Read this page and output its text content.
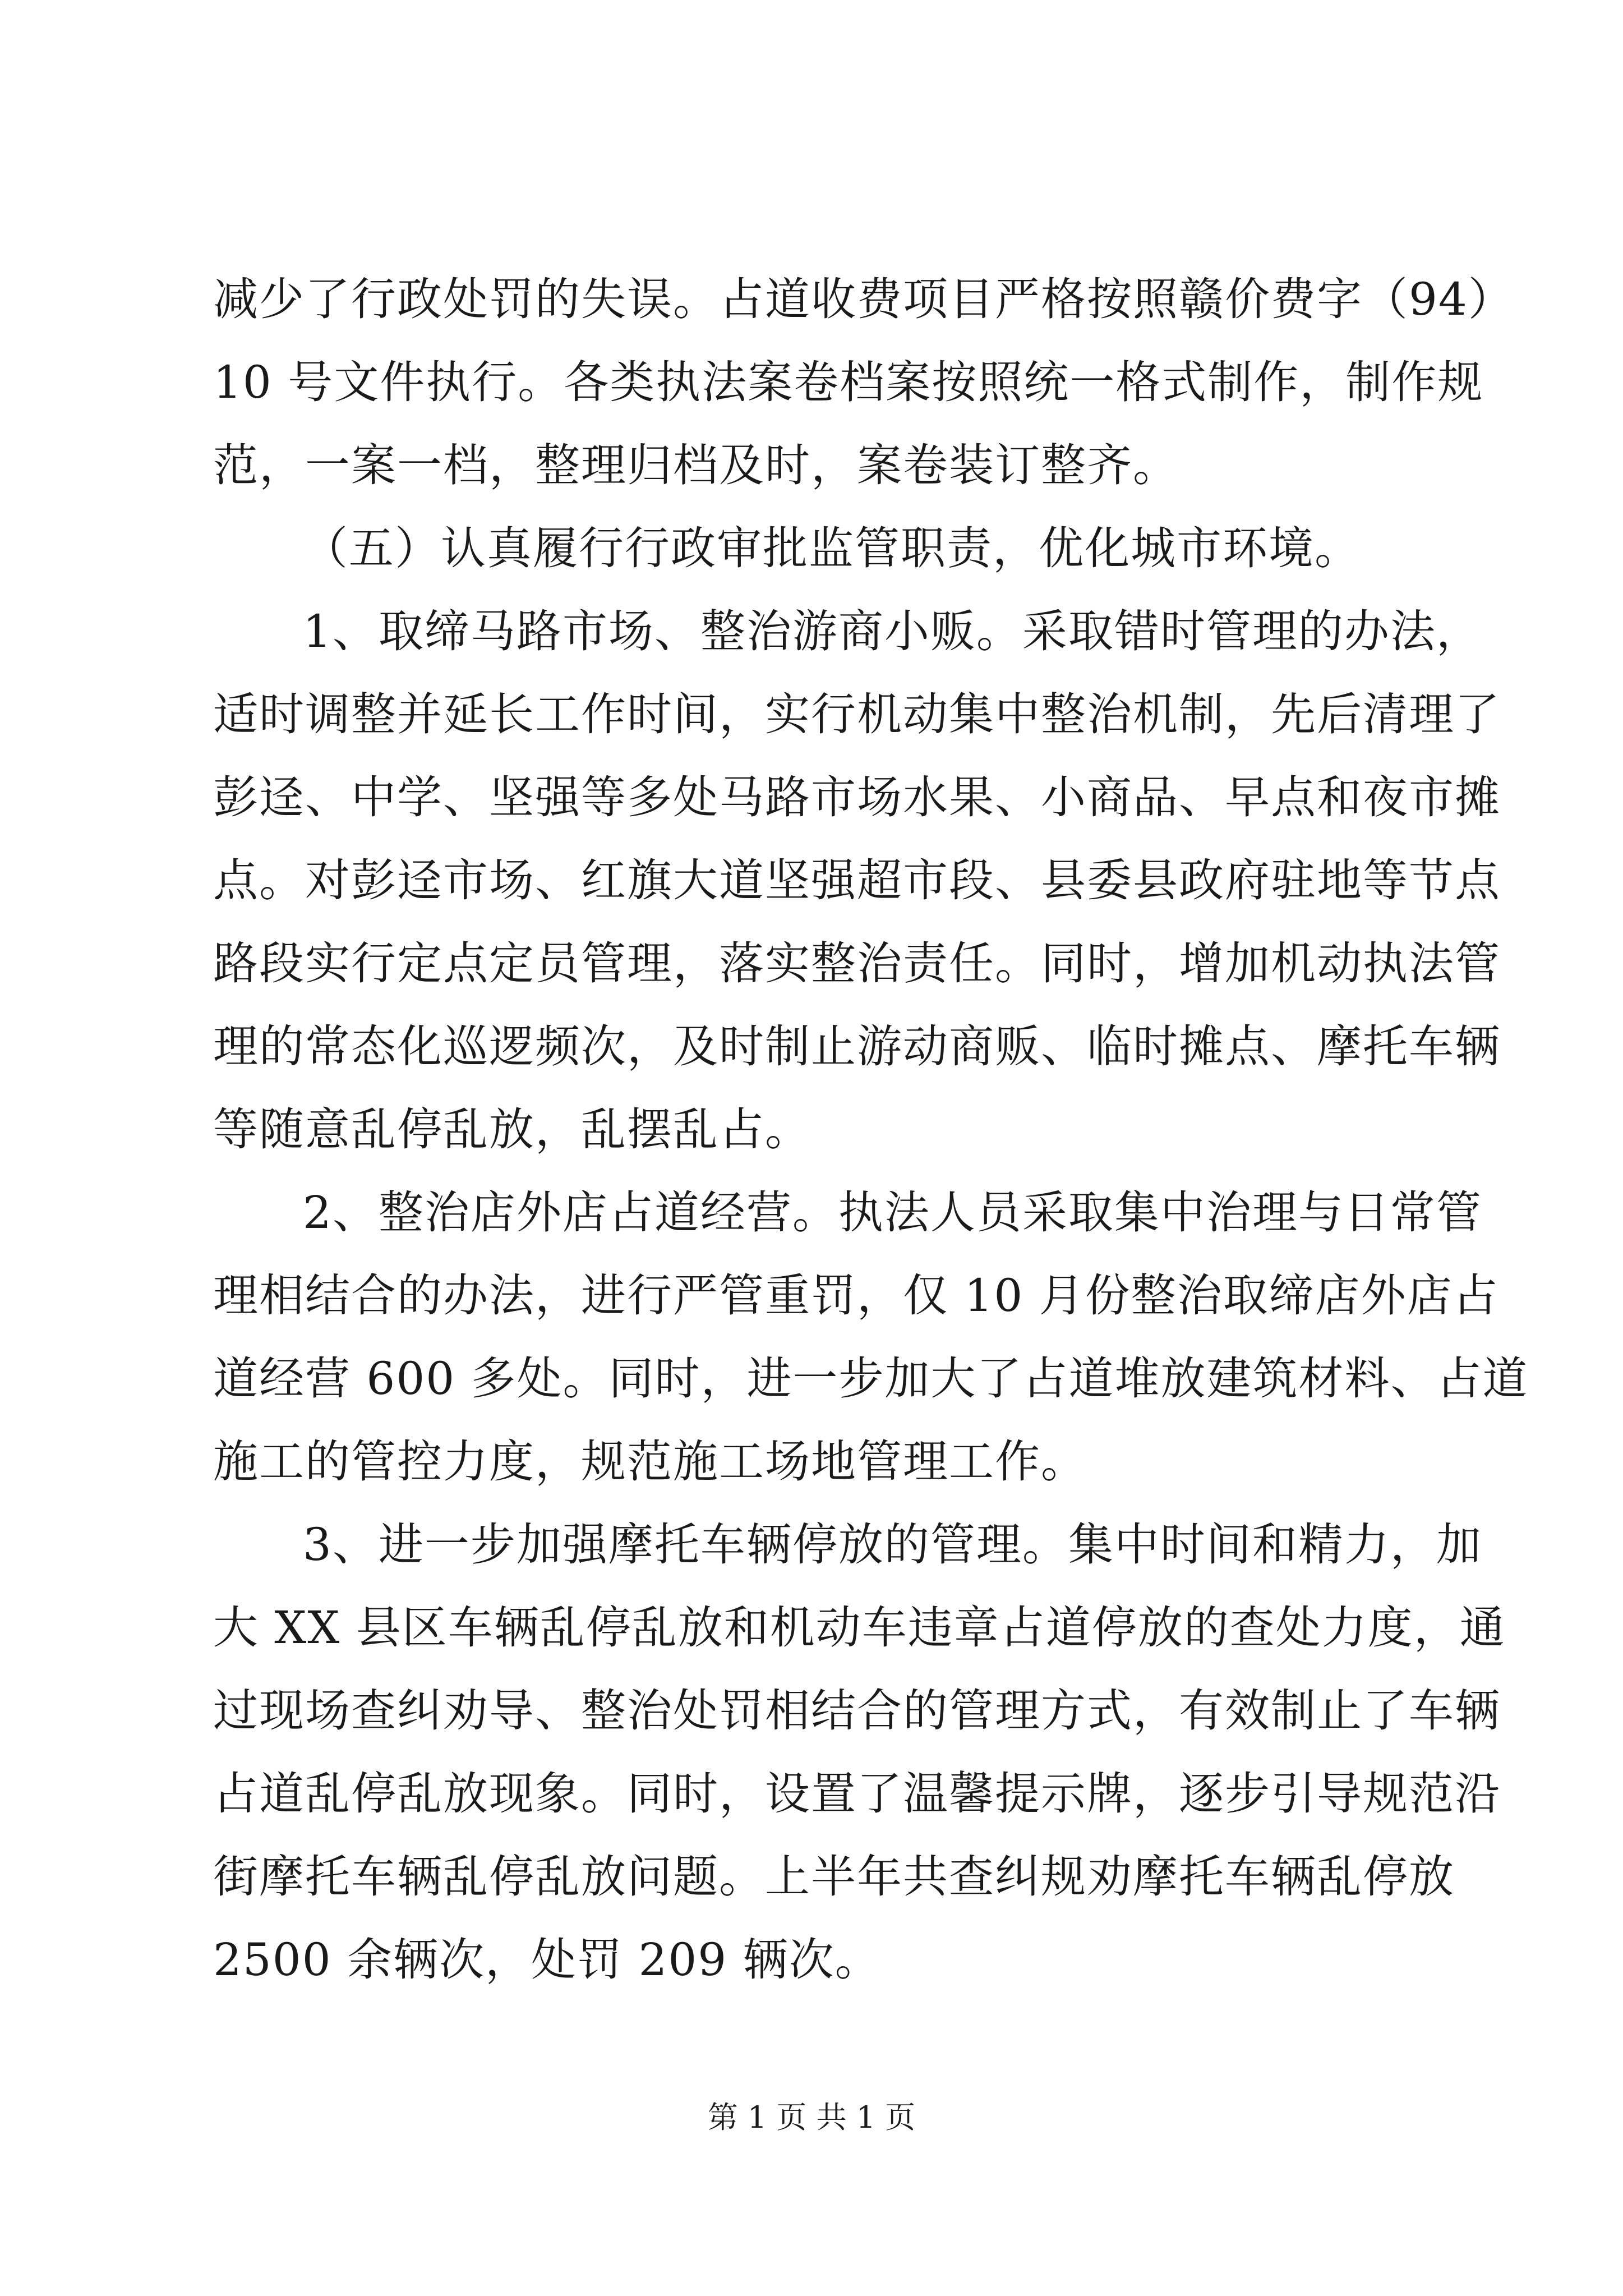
减少了行政处罚的失误。占道收费项目严格按照赣价费字（94）
10 号文件执行。各类执法案卷档案按照统一格式制作，制作规
范，一案一档，整理归档及时，案卷装订整齐。
（五）认真履行行政审批监管职责，优化城市环境。
1、取缔马路市场、整治游商小贩。采取错时管理的办法，
适时调整并延长工作时间，实行机动集中整治机制，先后清理了
彭迳、中学、坚强等多处马路市场水果、小商品、早点和夜市摊
点。对彭迳市场、红旗大道坚强超市段、县委县政府驻地等节点
路段实行定点定员管理，落实整治责任。同时，增加机动执法管
理的常态化巡逻频次，及时制止游动商贩、临时摊点、摩托车辆
等随意乱停乱放，乱摆乱占。
2、整治店外店占道经营。执法人员采取集中治理与日常管
理相结合的办法，进行严管重罚，仅 10 月份整治取缔店外店占
道经营 600 多处。同时，进一步加大了占道堆放建筑材料、占道
施工的管控力度，规范施工场地管理工作。
3、进一步加强摩托车辆停放的管理。集中时间和精力，加
大 XX 县区车辆乱停乱放和机动车违章占道停放的查处力度，通
过现场查纠劝导、整治处罚相结合的管理方式，有效制止了车辆
占道乱停乱放现象。同时，设置了温馨提示牌，逐步引导规范沿
街摩托车辆乱停乱放问题。上半年共查纠规劝摩托车辆乱停放
2500 余辆次，处罚 209 辆次。
第 1 页 共 1 页
